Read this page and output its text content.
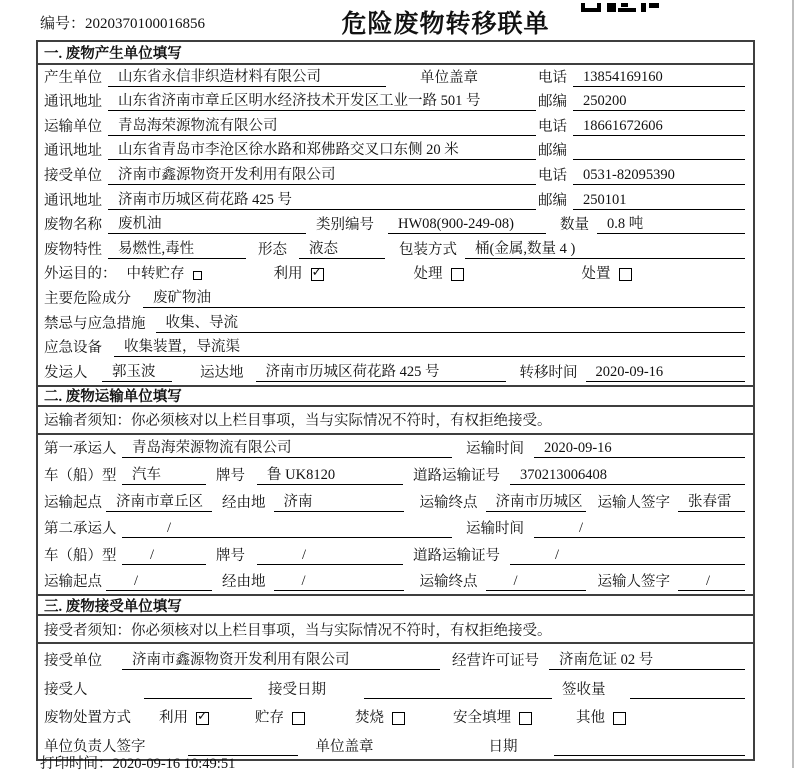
编号：2020370100016856	危险废物转移联单
一. 废物产生单位填写
产生单位	山东省永信非织造材料有限公司	单位盖章	电话	13854169160
通讯地址	山东省济南市章丘区明水经济技术开发区工业一路 501 号	邮编	250200
运输单位	青岛海荣源物流有限公司	电话	18661672606
通讯地址	山东省青岛市李沧区徐水路和郑佛路交叉口东侧 20 米	邮编
接受单位	济南市鑫源物资开发利用有限公司	电话	0531-82095390
通讯地址	济南市历城区荷花路 425 号	邮编	250101
废物名称	废机油	类别编号	HW08(900-249-08)	数量	0.8 吨
废物特性	易燃性,毒性	形态	液态	包装方式	桶(金属,数量 4 )
外运目的： 中转贮存	利用 ✓	处理	处置
主要危险成分	废矿物油
禁忌与应急措施	收集、导流
应急设备	收集装置，导流渠
发运人	郭玉波	运达地	济南市历城区荷花路 425 号	转移时间	2020-09-16
二. 废物运输单位填写
运输者须知：你必须核对以上栏目事项，当与实际情况不符时，有权拒绝接受。
第一承运人	青岛海荣源物流有限公司	运输时间	2020-09-16
车（船）型	汽车	牌号	鲁 UK8120	道路运输证号	370213006408
运输起点 济南市章丘区	经由地	济南	运输终点	济南市历城区 运输人签字	张春雷
第二承运人	/	运输时间	/
车（船）型	/	牌号	/	道路运输证号	/
运输起点	/	经由地	/	运输终点	/	运输人签字	/
三. 废物接受单位填写
接受者须知：你必须核对以上栏目事项，当与实际情况不符时，有权拒绝接受。
接受单位	济南市鑫源物资开发利用有限公司	经营许可证号	济南危证 02 号
接受人	接受日期	签收量
废物处置方式 利用 ✓	贮存	焚烧	安全填埋	其他
单位负责人签字	单位盖章	日期
打印时间：2020-09-16 10:49:51
